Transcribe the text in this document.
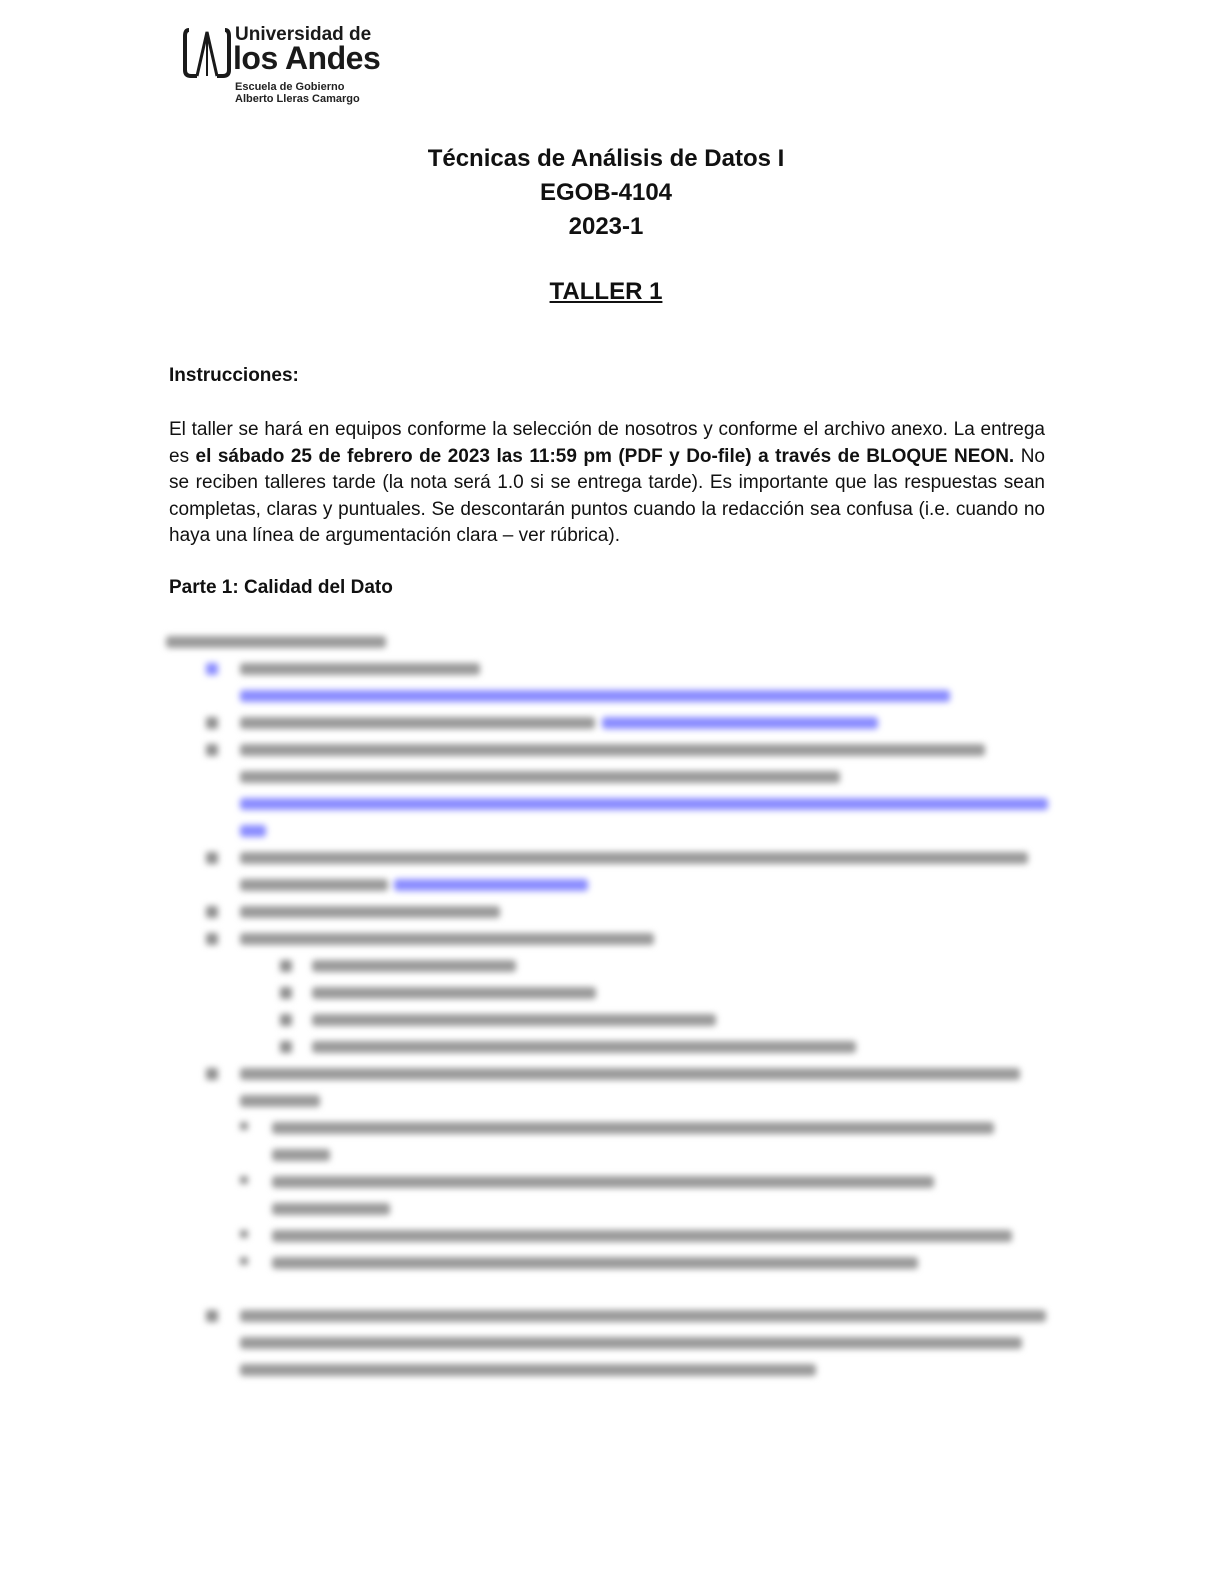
Universidad de
los Andes
Escuela de Gobierno
Alberto Lleras Camargo
Técnicas de Análisis de Datos I
EGOB-4104
2023-1
TALLER 1
Instrucciones:
El taller se hará en equipos conforme la selección de nosotros y conforme el archivo anexo. La entrega es el sábado 25 de febrero de 2023 las 11:59 pm (PDF y Do-file) a través de BLOQUE NEON. No se reciben talleres tarde (la nota será 1.0 si se entrega tarde). Es importante que las respuestas sean completas, claras y puntuales. Se descontarán puntos cuando la redacción sea confusa (i.e. cuando no haya una línea de argumentación clara – ver rúbrica).
Parte 1: Calidad del Dato
